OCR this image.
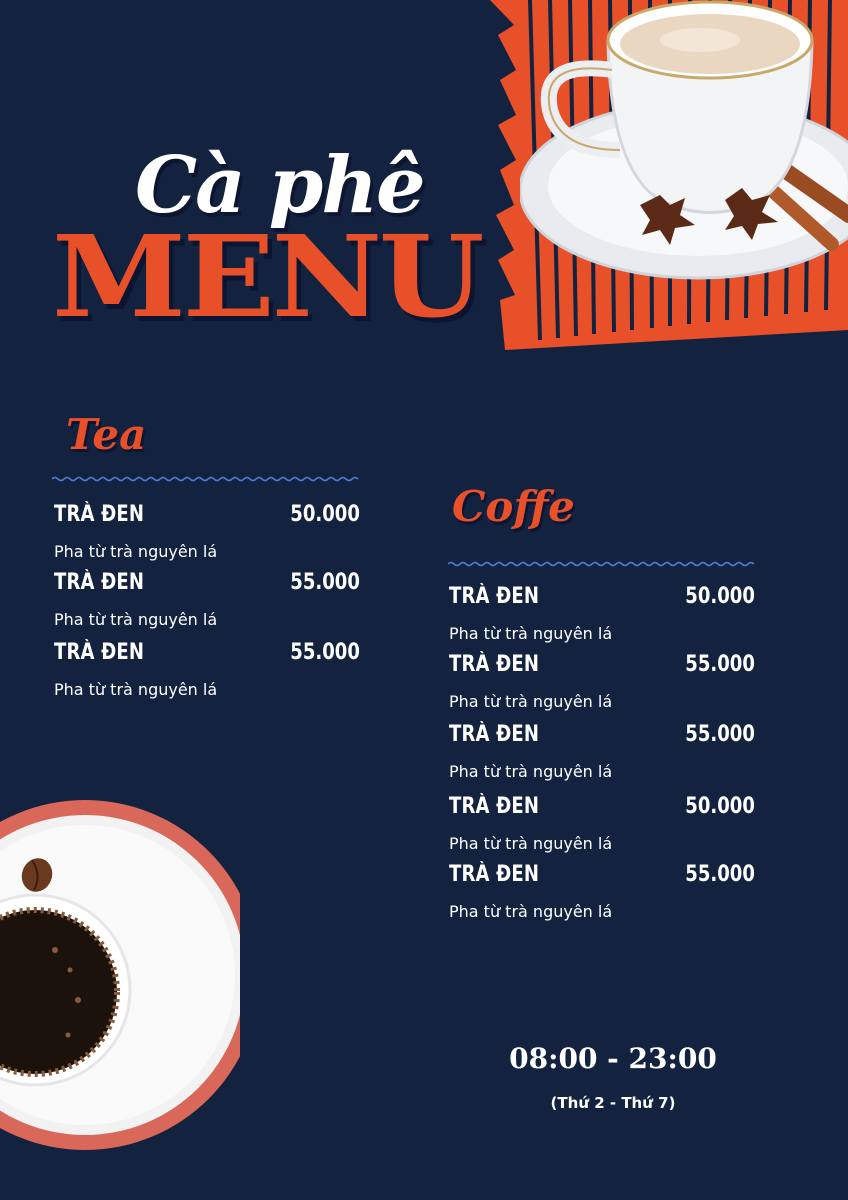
Cà phê
MENU
Tea
TRÀ ĐEN	50.000
Pha từ trà nguyên lá
TRÀ ĐEN	55.000
Pha từ trà nguyên lá
TRÀ ĐEN	55.000
Pha từ trà nguyên lá
Coffe
TRÀ ĐEN	50.000
Pha từ trà nguyên lá
TRÀ ĐEN	55.000
Pha từ trà nguyên lá
TRÀ ĐEN	55.000
Pha từ trà nguyên lá
TRÀ ĐEN	50.000
Pha từ trà nguyên lá
TRÀ ĐEN	55.000
Pha từ trà nguyên lá
08:00 - 23:00
(Thứ 2 - Thứ 7)
